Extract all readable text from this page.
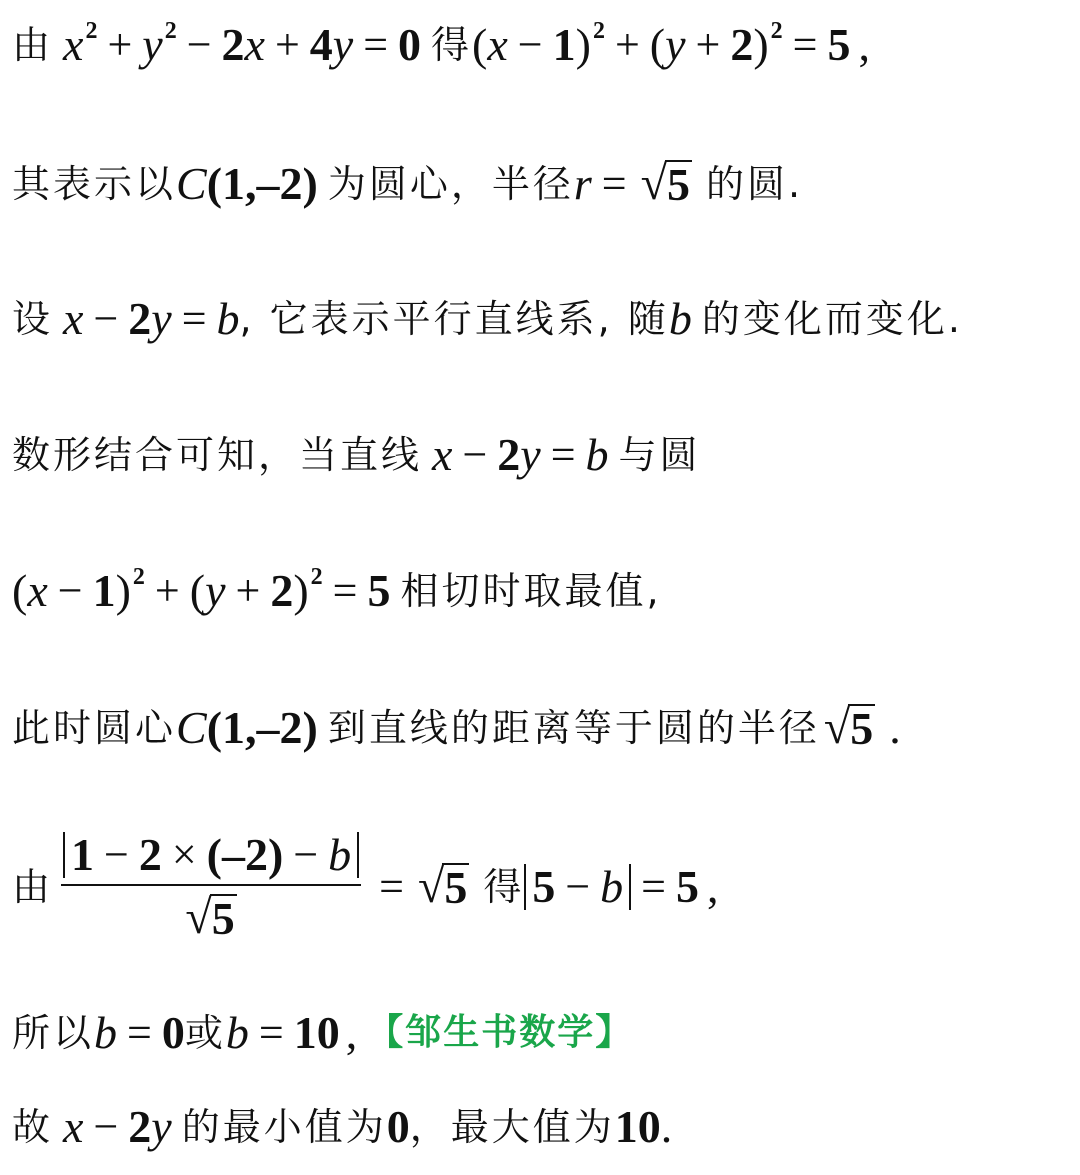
由 $x^2 + y^2 - 2$ x + 4 y = 0 得 ( x − 1 )$^2$ + ( y + 2 )$^2$ = 5 ,
其表示以 C ( 1 , –2 ) 为圆心，半径 r = √ 5 的圆.
设 x − 2 y = b , 它表示平行直线系, 随 b 的变化而变化.
数形结合可知，当直线 x − 2 y = b 与圆
( x − 1 )$^2$ + ( y + 2 )$^2$ = 5 相切时取最值,
此时圆心 C ( 1 , –2 ) 到直线的距离等于圆的半径 √ 5 .
由
1 − 2 × (–2) − b
√ 5
= √ 5 得 5 − b = 5 ,
所以 b = 0 或 b = 10 , 【邹生书数学】
故 x − 2 y 的最小值为 0 ，最大值为 10 .
